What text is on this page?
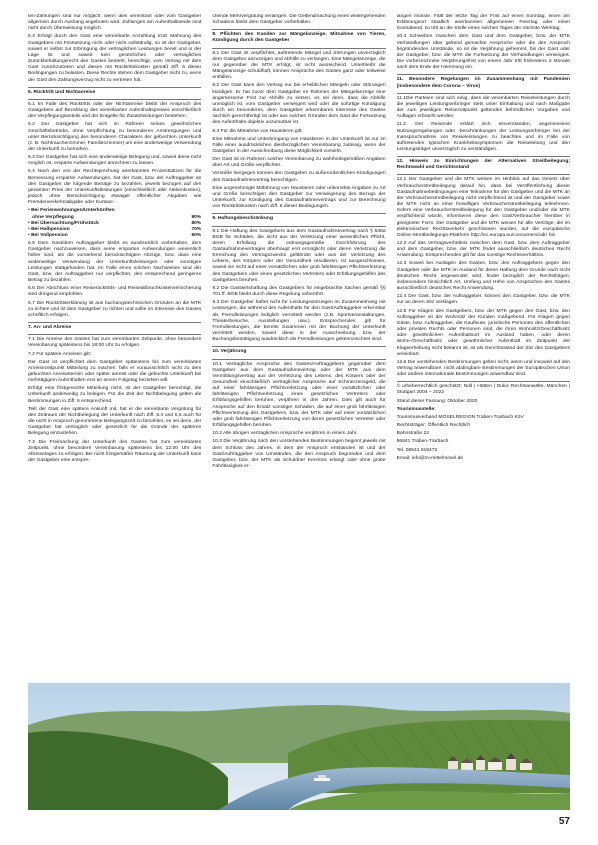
ten-Zahlungen sind nur möglich, wenn dies vereinbart oder vom Gastgeber allgemein durch Aushang angeboten wird. Zahlungen am Aufenthaltsende sind nicht durch Überweisung möglich.

5.4 Erfolgt durch den Gast eine vereinbarte Anzahlung trotz Mahnung des Gastgebers mit Fristsetzung nicht oder nicht vollständig, so ist der Gastgeber, soweit er selbst zur Erbringung der vertraglichen Leistungen bereit und in der Lage ist und soweit kein gesetzliches oder vertragliches Zurückbehaltungsrecht des Gastes besteht, berechtigt, vom Vertrag mit dem Gast zurückzutreten und diesen mit Rücktrittskosten gemäß Ziff. 6 dieser Bedingungen zu belasten. Diese Rechte stehen dem Gastgeber nicht zu, wenn der Gast den Zahlungsverzug nicht zu vertreten hat.

6. Rücktritt und Nichtanreise

6.1 Im Falle des Rücktritts oder der Nichtanreise bleibt der Anspruch des Gastgebers auf Bezahlung des vereinbarten Aufenthaltspreises einschließlich des Verpflegungsanteils und der Entgelte für Zusatzleistungen bestehen.

6.2 Der Gastgeber hat sich im Rahmen seines gewöhnlichen Geschäftsbetriebs, ohne Verpflichtung zu besonderen Anstrengungen und unter Berücksichtigung des besonderen Charakters der gebuchten Unterkunft (z. B. Nichtraucherzimmer, Familienzimmer) um eine anderweitige Verwendung der Unterkunft zu bemühen.

6.3 Der Gastgeber hat sich eine anderweitige Belegung und, soweit diese nicht möglich ist, ersparte Aufwendungen anrechnen zu lassen.

6.4 Nach den von der Rechtsprechung anerkannten Prozentsätzen für die Bemessung ersparter Aufwendungen, hat der Gast, bzw. der Auftraggeber an den Gastgeber die folgende Beträge zu bezahlen, jeweils bezogen auf den gesamten Preis der Unterkunftsleistungen (einschließlich aller Nebenkosten), jedoch ohne Berücksichtigung etwaiger öffentlicher Abgaben wie Fremdenverkehrsabgabe oder Kurtaxe:

• Bei Ferienwohnungen/Unterkünften	
ohne Verpflegung	90%
• Bei Übernachtung/Frühstück	80%
• Bei Halbpension	70%
• Bei Vollpension	60%

6.5 Dem Gast/dem Auftraggeber bleibt es ausdrücklich vorbehalten, dem Gastgeber nachzuweisen, dass seine ersparten Aufwendungen wesentlich höher sind, als die vorstehend berücksichtigten Abzüge, bzw. dass eine anderweitige Verwendung der Unterkunftsleistungen oder sonstigen Leistungen stattgefunden hat. Im Falle eines solchen Nachweises sind der Gast, bzw. der Auftraggeber nur verpflichtet, den entsprechend geringeren Betrag zu bezahlen.

6.6 Der Abschluss einer Reiserücktritts- und Reiseabbruchkostenversicherung wird dringend empfohlen.

6.7 Die Rücktrittserklärung ist aus buchungstechnischen Gründen an die MTK zu richten und ist dem Gastgeber zu richten und sollte im Interesse des Gastes schriftlich erfolgen.

7. An- und Abreise

7.1 Die Anreise des Gastes hat zum vereinbarten Zeitpunkt, ohne besondere Vereinbarung spätestens bis 18:00 Uhr zu erfolgen.

7.2 Für spätere Anreisen gilt:

Der Gast ist verpflichtet dem Gastgeber spätestens bis zum vereinbarten Anreisezeitpunkt Mitteilung zu machen, falls er voraussichtlich nicht zu dem gebuchten Anreisetermin oder später anreist oder die gebuchte Unterkunft bei mehrtägigem Aufenthalten erst an einem Folgetag beziehen will.

Erfolgt eine fristgerechte Mitteilung nicht, ist der Gastgeber berechtigt, die Unterkunft anderweitig zu belegen. Für die Zeit der Nichtbelegung gelten die Bestimmungen in Ziff. 6 entsprechend.

Teilt der Gast eine spätere Ankunft mit, hat er die vereinbarte Vergütung für den Zeitraum der Nichtbelegung der Unterkunft nach Ziff. 6.4 und 6.5 auch für die nicht in Anspruch genommene Belegungszeit zu bezahlen, es sei denn, der Gastgeber hat vertraglich oder gesetzlich für die Gründe der späteren Belegung einzustehen.

7.3 Die Freimachung der Unterkunft des Gastes hat zum vereinbarten Zeitpunkt, ohne besondere Vereinbarung spätestens bis 12:00 Uhr des Abreisetages zu erfolgen. Bei nicht fristgemäßer Räumung der Unterkunft kann der Gastgeber eine entspre-

chende Mehrvergütung verlangen. Die Geltendmachung eines weitergehenden Schadens bleibt dem Gastgeber vorbehalten.

8. Pflichten des Kunden zur Mängelanzeige, Mitnahme von Tieren, Kündigung durch den Gastgeber

8.1 Der Gast ist verpflichtet, auftretende Mängel und Störungen unverzüglich dem Gastgeber anzuzeigen und Abhilfe zu verlangen. Eine Mängelanzeige, die nur gegenüber der MTK erfolgt, ist nicht ausreichend. Unterbleibt die Mängelanzeige schuldhaft, können Ansprüche des Gastes ganz oder teilweise entfallen.

8.2 Der Gast kann den Vertrag nur bei erheblichen Mängeln oder Störungen kündigen. Er hat zuvor dem Gastgeber im Rahmen der Mängelanzeige eine angemessene Frist zur Abhilfe zu setzen, es sei denn, dass die Abhilfe unmöglich ist, vom Gastgeber verweigert wird oder die sofortige Kündigung durch ein besonderes, dem Gastgeber erkennbares Interesse des Gastes sachlich gerechtfertigt ist oder aus solchen Gründen dem Gast die Fortsetzung des Aufenthalts objektiv unzumutbar ist.

8.3 Für die Mitnahme von Haustieren gilt:

Eine Mitnahme und Unterbringung von Haustieren in der Unterkunft ist nur im Falle einer ausdrücklichen diesbezüglichen Vereinbarung zulässig, wenn der Gastgeber in der Ausschreibung diese Möglichkeit vorsieht.

Der Gast ist im Rahmen solcher Vereinbarung zu wahrheitsgemäßen Angaben über Art und Größe verpflichtet.

Verstöße hiergegen können den Gastgeber zu außerordentlichen Kündigungen des Gastaufnahmevertrag berechtigen.

Eine ungenehmigte Mitführung von Haustieren oder unkorrekte Angaben zu Art und Größe berechtigen den Gastgeber zur Verweigerung des Bezugs der Unterkunft, zur Kündigung des Gastaufnahmevertrags und zur Berechnung von Rücktrittskosten nach Ziff. 6 dieser Bedingungen.

9. Haftungsbeschränkung

9.1 Die Haftung des Gastgebers aus dem Gastaufnahmevertrag nach § 536a BGB für Schäden, die nicht aus der Verletzung einer wesentlichen Pflicht, deren Erfüllung die ordnungsgemäße Durchführung des Gastaufnahmevertrages überhaupt erst ermöglicht oder deren Verletzung die Erreichung des Vertragszwecks gefährdet oder aus der Verletzung des Lebens, des Körpers oder der Gesundheit resultieren, ist ausgeschlossen, soweit sie nicht auf einer vorsätzlichen oder grob fahrlässigen Pflichtverletzung des Gastgebers oder eines gesetzlichen Vertreters oder Erfüllungsgehilfen des Gastgebers beruhen.

9.2 Die Gastwirtshaftung des Gastgebers für eingebrachte Sachen gemäß §§ 701 ff. BGB bleibt durch diese Regelung unberührt.

9.3 Der Gastgeber haftet nicht für Leistungsstörungen im Zusammenhang mit Leistungen, die während des Aufenthalts für den Gast/Auftraggeber erkennbar als Fremdleistungen lediglich vermittelt werden (z.B. Sportveranstaltungen, Theaterbesuche, Ausstellungen usw.). Entsprechendes gilt für Fremdleistungen, die bereits zusammen mit der Buchung der Unterkunft vermittelt werden, soweit diese in der Ausschreibung, bzw. der Buchungsbestätigung ausdrücklich als Fremdleistungen gekennzeichnet sind.

10. Verjährung

10.1 Vertragliche Ansprüche des Gastes/Auftraggebers gegenüber dem Gastgeber aus dem Gastaufnahmevertrag oder der MTK aus dem Vermittlungsvertrag aus der Verletzung des Lebens, des Körpers oder der Gesundheit einschließlich vertraglicher Ansprüche auf Schmerzensgeld, die auf einer fahrlässigen Pflichtverletzung oder einer vorsätzlichen oder fahrlässigen Pflichtverletzung eines gesetzlichen Vertreters oder Erfüllungsgehilfen beruhen, verjähren in drei Jahren. Dies gilt auch für Ansprüche auf den Ersatz sonstiger Schäden, die auf einer grob fahrlässigen Pflichtverletzung des Gastgebers, bzw. der MTK oder auf einer vorsätzlichen oder grob fahrlässigen Pflichtverletzung von deren gesetzlichen Vertreter oder Erfüllungsgehilfen beruhen.

10.2 Alle übrigen vertraglichen Ansprüche verjähren in einem Jahr.

10.3 Die Verjährung nach den vorstehenden Bestimmungen beginnt jeweils mit dem Schluss des Jahres, in dem der Anspruch entstanden ist und der Gast/Auftraggeber von Umständen, die den Anspruch begründen und dem Gastgeber, bzw. der MTK als Schuldner Kenntnis erlangt oder ohne grobe Fahrlässigkeit er-

langen müsste. Fällt der letzte Tag der Frist auf einen Sonntag, einen am Erklärungsort staatlich anerkannten allgemeinen Feiertag oder einen Sonnabend, so tritt an die Stelle eines solchen Tages der nächste Werktag.

10.4 Schweben zwischen dem Gast und dem Gastgeber, bzw. der MTK Verhandlungen über geltend gemachte Ansprüche oder die den Anspruch begründenden Umstände, so ist die Verjährung gehemmt, bis der Gast oder der Gastgeber, bzw. die MTK die Fortsetzung der Verhandlungen verweigert. Die vorbezeichnete Verjährungsfrist von einem Jahr tritt frühestens 3 Monate nach dem Ende der Hemmung ein.

11. Besondere Regelungen im Zusammenhang mit Pandemien (insbesondere dem Corona – Virus)

11.1Die Parteien sind sich einig, dass die vereinbarten Reiseleistungen durch die jeweiligen Leistungserbringer stets unter Einhaltung und nach Maßgabe der zum jeweiligen Reisezeitpunkt geltenden behördlichen Vorgaben und Auflagen erbracht werden.

11.2. Der Reisende erklärt sich einverstanden, angemessene Nutzungsregelungen oder -beschränkungen der Leistungserbringer bei der Inanspruchnahme von Reiseleistungen zu beachten und im Falle von auftretenden typischen Krankheitssymptomen die Reiseleitung und den Leistungsträger unverzüglich zu verständigen.

12. Hinweis zu Einrichtungen der Alternativen Streitbeilegung; Rechtswahl und Gerichtsstand

12.1 Der Gastgeber und die MTK weisen im Hinblick auf das Gesetz über Verbraucherstreitbeilegung darauf hin, dass bei Veröffentlichung dieser Gastaufnahmebedingungen eine Teilnahme für den Gastgeber und die MTK an der Verbraucherstreitbeilegung nicht verpflichtend ist und der Gastgeber sowie die MTK nicht an einer freiwilligen Verbraucherstreitbeilegung teilnehmen. Sofern eine Verbraucherstreitbeilegung für den Gastgeber und/oder die MTK verpflichtend würde, informieren diese den Gast/Verbraucher hierüber in geeigneter Form. Der Gastgeber und die MTK weisen für alle Verträge, die im elektronischen Rechtsverkehr geschlossen wurden, auf die europäische Online-Streitbeilegungs-Plattform http://ec.europa.eu/consumers/odr/ hin.

12.2 Auf das Vertragsverhältnis zwischen dem Gast, bzw. dem Auftraggeber und dem Gastgeber, bzw. der MTK findet ausschließlich deutsches Recht Anwendung. Entsprechendes gilt für das sonstige Rechtsverhältnis.

12.3 Soweit bei Auslagen des Gastes, bzw. des Auftraggebers gegen den Gastgeber oder die MTK im Ausland für deren Haftung dem Grunde nach nicht deutsches Recht angewendet wird, findet bezüglich der Rechtsfolgen, insbesondere hinsichtlich Art, Umfang und Höhe von Ansprüchen des Gastes ausschließlich deutsches Recht Anwendung.

12.4 Der Gast, bzw. der Auftraggeber, können den Gastgeber, bzw. die MTK nur an deren Sitz verklagen.

12.5 Für Klagen des Gastgebers, bzw. der MTK gegen den Gast, bzw. den Auftraggeber ist der Wohnsitz der Kunden maßgebend. Für Klagen gegen Gäste, bzw. Auftraggeber, die Kaufleute, juristische Personen des öffentlichen oder privaten Rechts oder Personen sind, die ihren Wohnsitz/Geschäftssitz oder gewöhnlichen Aufenthaltsort im Ausland haben, oder deren Wohn-/Geschäftssitz oder gewöhnlicher Aufenthalt im Zeitpunkt der Klageerhebung nicht bekannt ist, ist als Gerichtsstand der Sitz des Gastgebers vereinbart.

12.6 Die vorstehenden Bestimmungen gelten nicht, wenn und insoweit auf den Vertrag anwendbare, nicht abdingbare Bestimmungen der Europäischen Union oder andere internationale Bestimmungen anwendbar sind.

© urheberrechtlich geschützt; Noll | Hütten | Dukic Rechtsanwälte, München | Stuttgart 2004 – 2022

Stand dieser Fassung: Oktober 2020

Tourismusstelle:

Tourismusverband MOSELREGION Traben-Trarbach KöV

Rechtsträger: Öffentlich Rechtlich

Bahnstraße 22

56841 Traben-Trarbach

Tel. 06541 818472

Email: info@zv-mittelmosel.de

57
